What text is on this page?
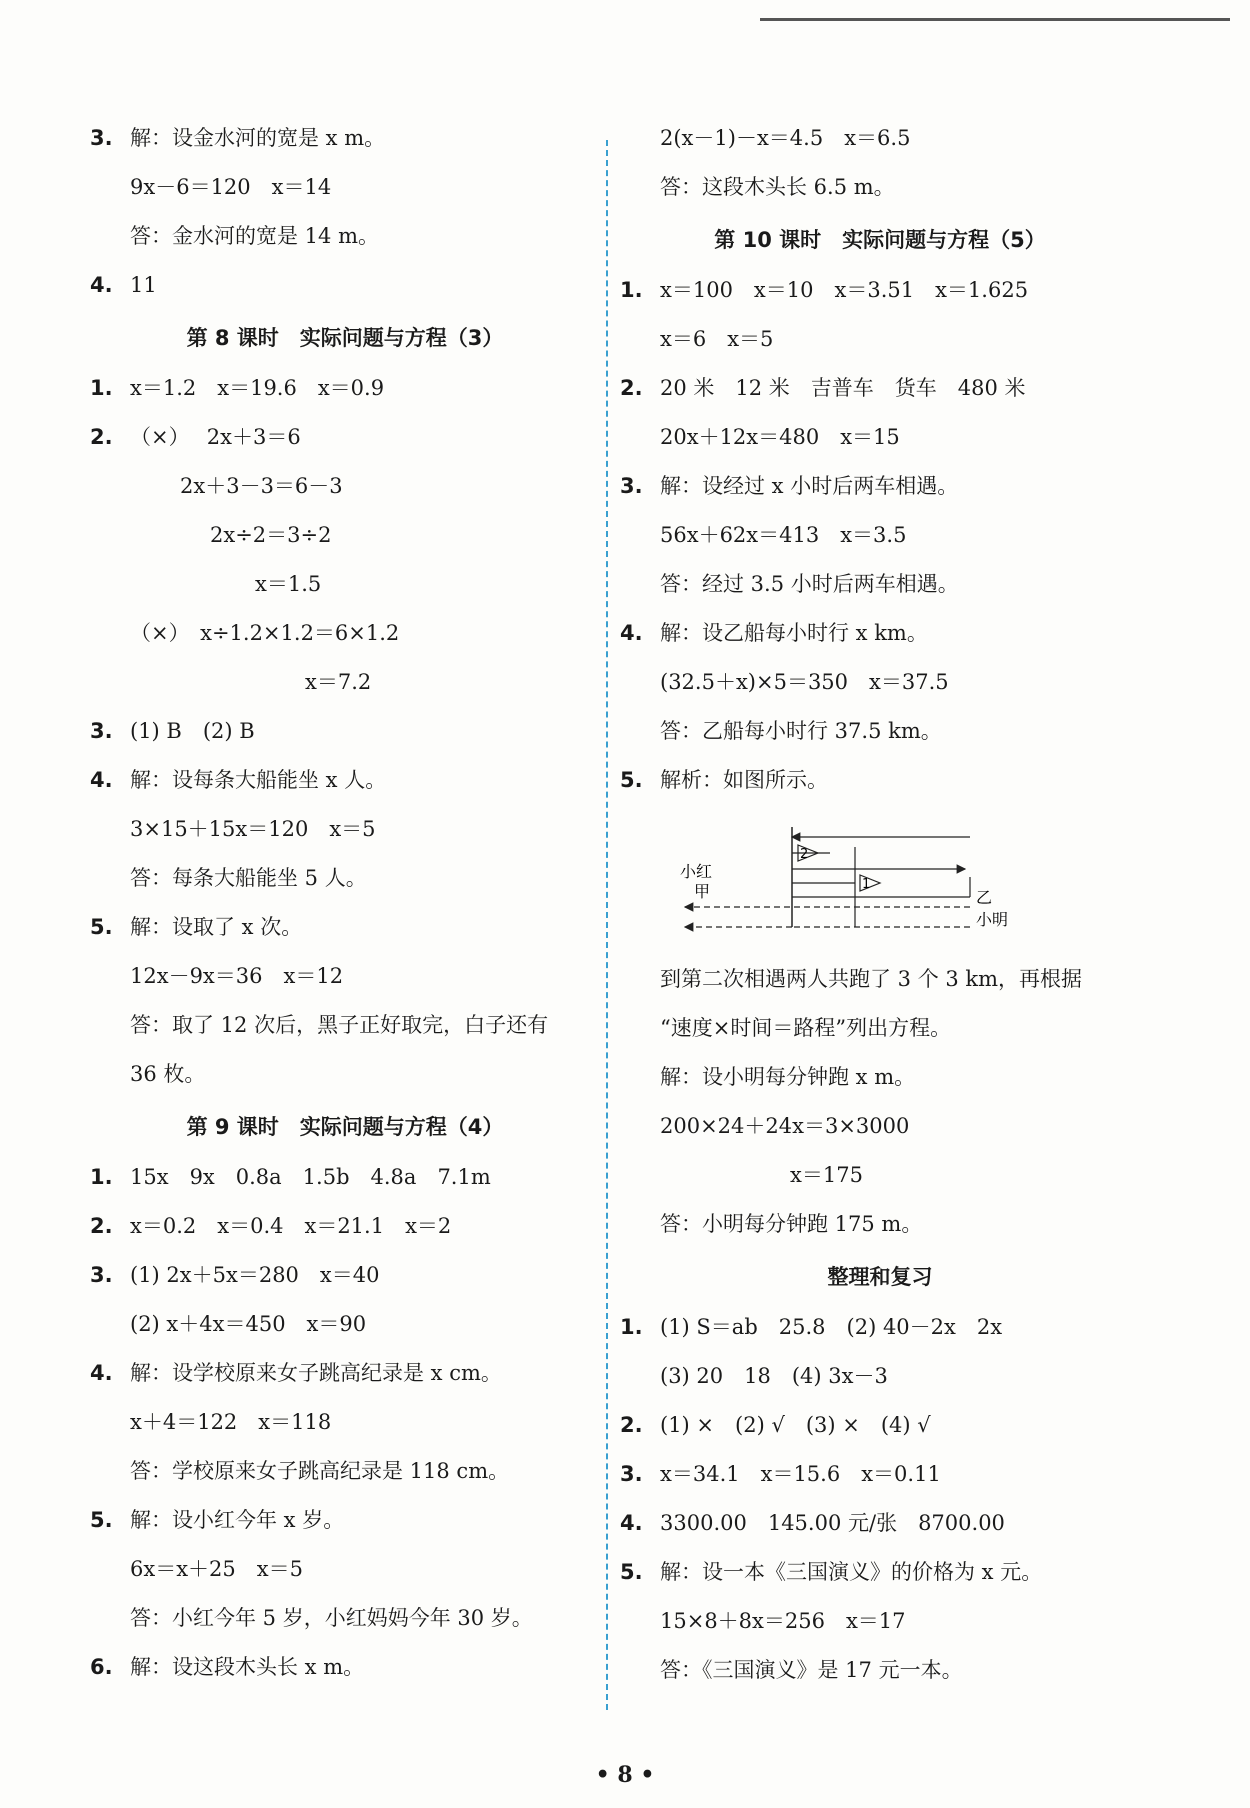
3. 解：设金水河的宽是 x m。
9x－6＝120　x＝14
答：金水河的宽是 14 m。
4. 11
第 8 课时　实际问题与方程（3）
1. x＝1.2　x＝19.6　x＝0.9
2. （×）　 2x＋3＝6
2x＋3－3＝6－3
2x÷2＝3÷2
x＝1.5
（×）　x÷1.2×1.2＝6×1.2
x＝7.2
3. (1) B　(2) B
4. 解：设每条大船能坐 x 人。
3×15＋15x＝120　x＝5
答：每条大船能坐 5 人。
5. 解：设取了 x 次。
12x－9x＝36　x＝12
答：取了 12 次后，黑子正好取完，白子还有
36 枚。
第 9 课时　实际问题与方程（4）
1. 15x　9x　0.8a　1.5b　4.8a　7.1m
2. x＝0.2　x＝0.4　x＝21.1　x＝2
3. (1) 2x＋5x＝280　x＝40
(2) x＋4x＝450　x＝90
4. 解：设学校原来女子跳高纪录是 x cm。
x＋4＝122　x＝118
答：学校原来女子跳高纪录是 118 cm。
5. 解：设小红今年 x 岁。
6x＝x＋25　x＝5
答：小红今年 5 岁，小红妈妈今年 30 岁。
6. 解：设这段木头长 x m。
2(x－1)－x＝4.5　x＝6.5
答：这段木头长 6.5 m。
第 10 课时　实际问题与方程（5）
1. x＝100　x＝10　x＝3.51　x＝1.625
x＝6　x＝5
2. 20 米　12 米　吉普车　货车　480 米
20x＋12x＝480　x＝15
3. 解：设经过 x 小时后两车相遇。
56x＋62x＝413　x＝3.5
答：经过 3.5 小时后两车相遇。
4. 解：设乙船每小时行 x km。
(32.5＋x)×5＝350　x＝37.5
答：乙船每小时行 37.5 km。
5. 解析：如图所示。
2
1
小红
甲	乙
小明
到第二次相遇两人共跑了 3 个 3 km，再根据
“速度×时间＝路程”列出方程。
解：设小明每分钟跑 x m。
200×24＋24x＝3×3000
x＝175
答：小明每分钟跑 175 m。
整理和复习
1. (1) S＝ab　25.8　(2) 40－2x　2x
(3) 20　18　(4) 3x－3
2. (1) ×　(2) √　(3) ×　(4) √
3. x＝34.1　x＝15.6　x＝0.11
4. 3300.00　145.00 元/张　8700.00
5. 解：设一本《三国演义》的价格为 x 元。
15×8＋8x＝256　x＝17
答：《三国演义》是 17 元一本。
• 8 •
